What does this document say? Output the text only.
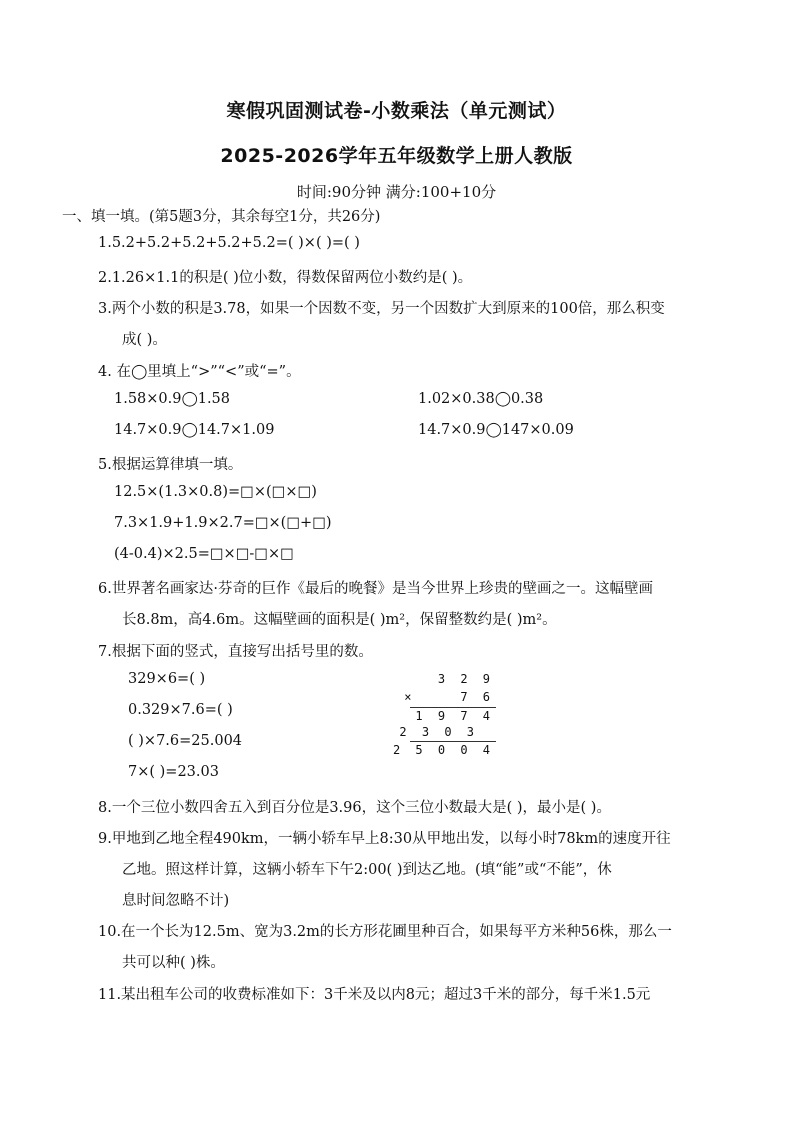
寒假巩固测试卷-小数乘法（单元测试）
2025-2026学年五年级数学上册人教版
时间:90分钟 满分:100+10分
一、填一填。(第5题3分，其余每空1分，共26分)
1.5.2+5.2+5.2+5.2+5.2=( )×( )=( )
2.1.26×1.1的积是( )位小数，得数保留两位小数约是( )。
3.两个小数的积是3.78，如果一个因数不变，另一个因数扩大到原来的100倍，那么积变
成( )。
4. 在◯里填上“>”“<”或“=”。
1.58×0.9◯1.58	1.02×0.38◯0.38
14.7×0.9◯14.7×1.09	14.7×0.9◯147×0.09
5.根据运算律填一填。
12.5×(1.3×0.8)=□×(□×□)
7.3×1.9+1.9×2.7=□×(□+□)
(4-0.4)×2.5=□×□-□×□
6.世界著名画家达·芬奇的巨作《最后的晚餐》是当今世界上珍贵的壁画之一。这幅壁画
长8.8m，高4.6m。这幅壁画的面积是( )m²，保留整数约是( )m²。
7.根据下面的竖式，直接写出括号里的数。
329×6=( )
0.329×7.6=( )
( )×7.6=25.004
7×( )=23.03
3 2 9
×    7 6
1 9 7 4
2 3 0 3
2 5 0 0 4
8.一个三位小数四舍五入到百分位是3.96，这个三位小数最大是( )，最小是( )。
9.甲地到乙地全程490km，一辆小轿车早上8:30从甲地出发，以每小时78km的速度开往
乙地。照这样计算，这辆小轿车下午2:00( )到达乙地。(填“能”或“不能”，休
息时间忽略不计)
10.在一个长为12.5m、宽为3.2m的长方形花圃里种百合，如果每平方米种56株，那么一
共可以种( )株。
11.某出租车公司的收费标准如下：3千米及以内8元；超过3千米的部分，每千米1.5元
